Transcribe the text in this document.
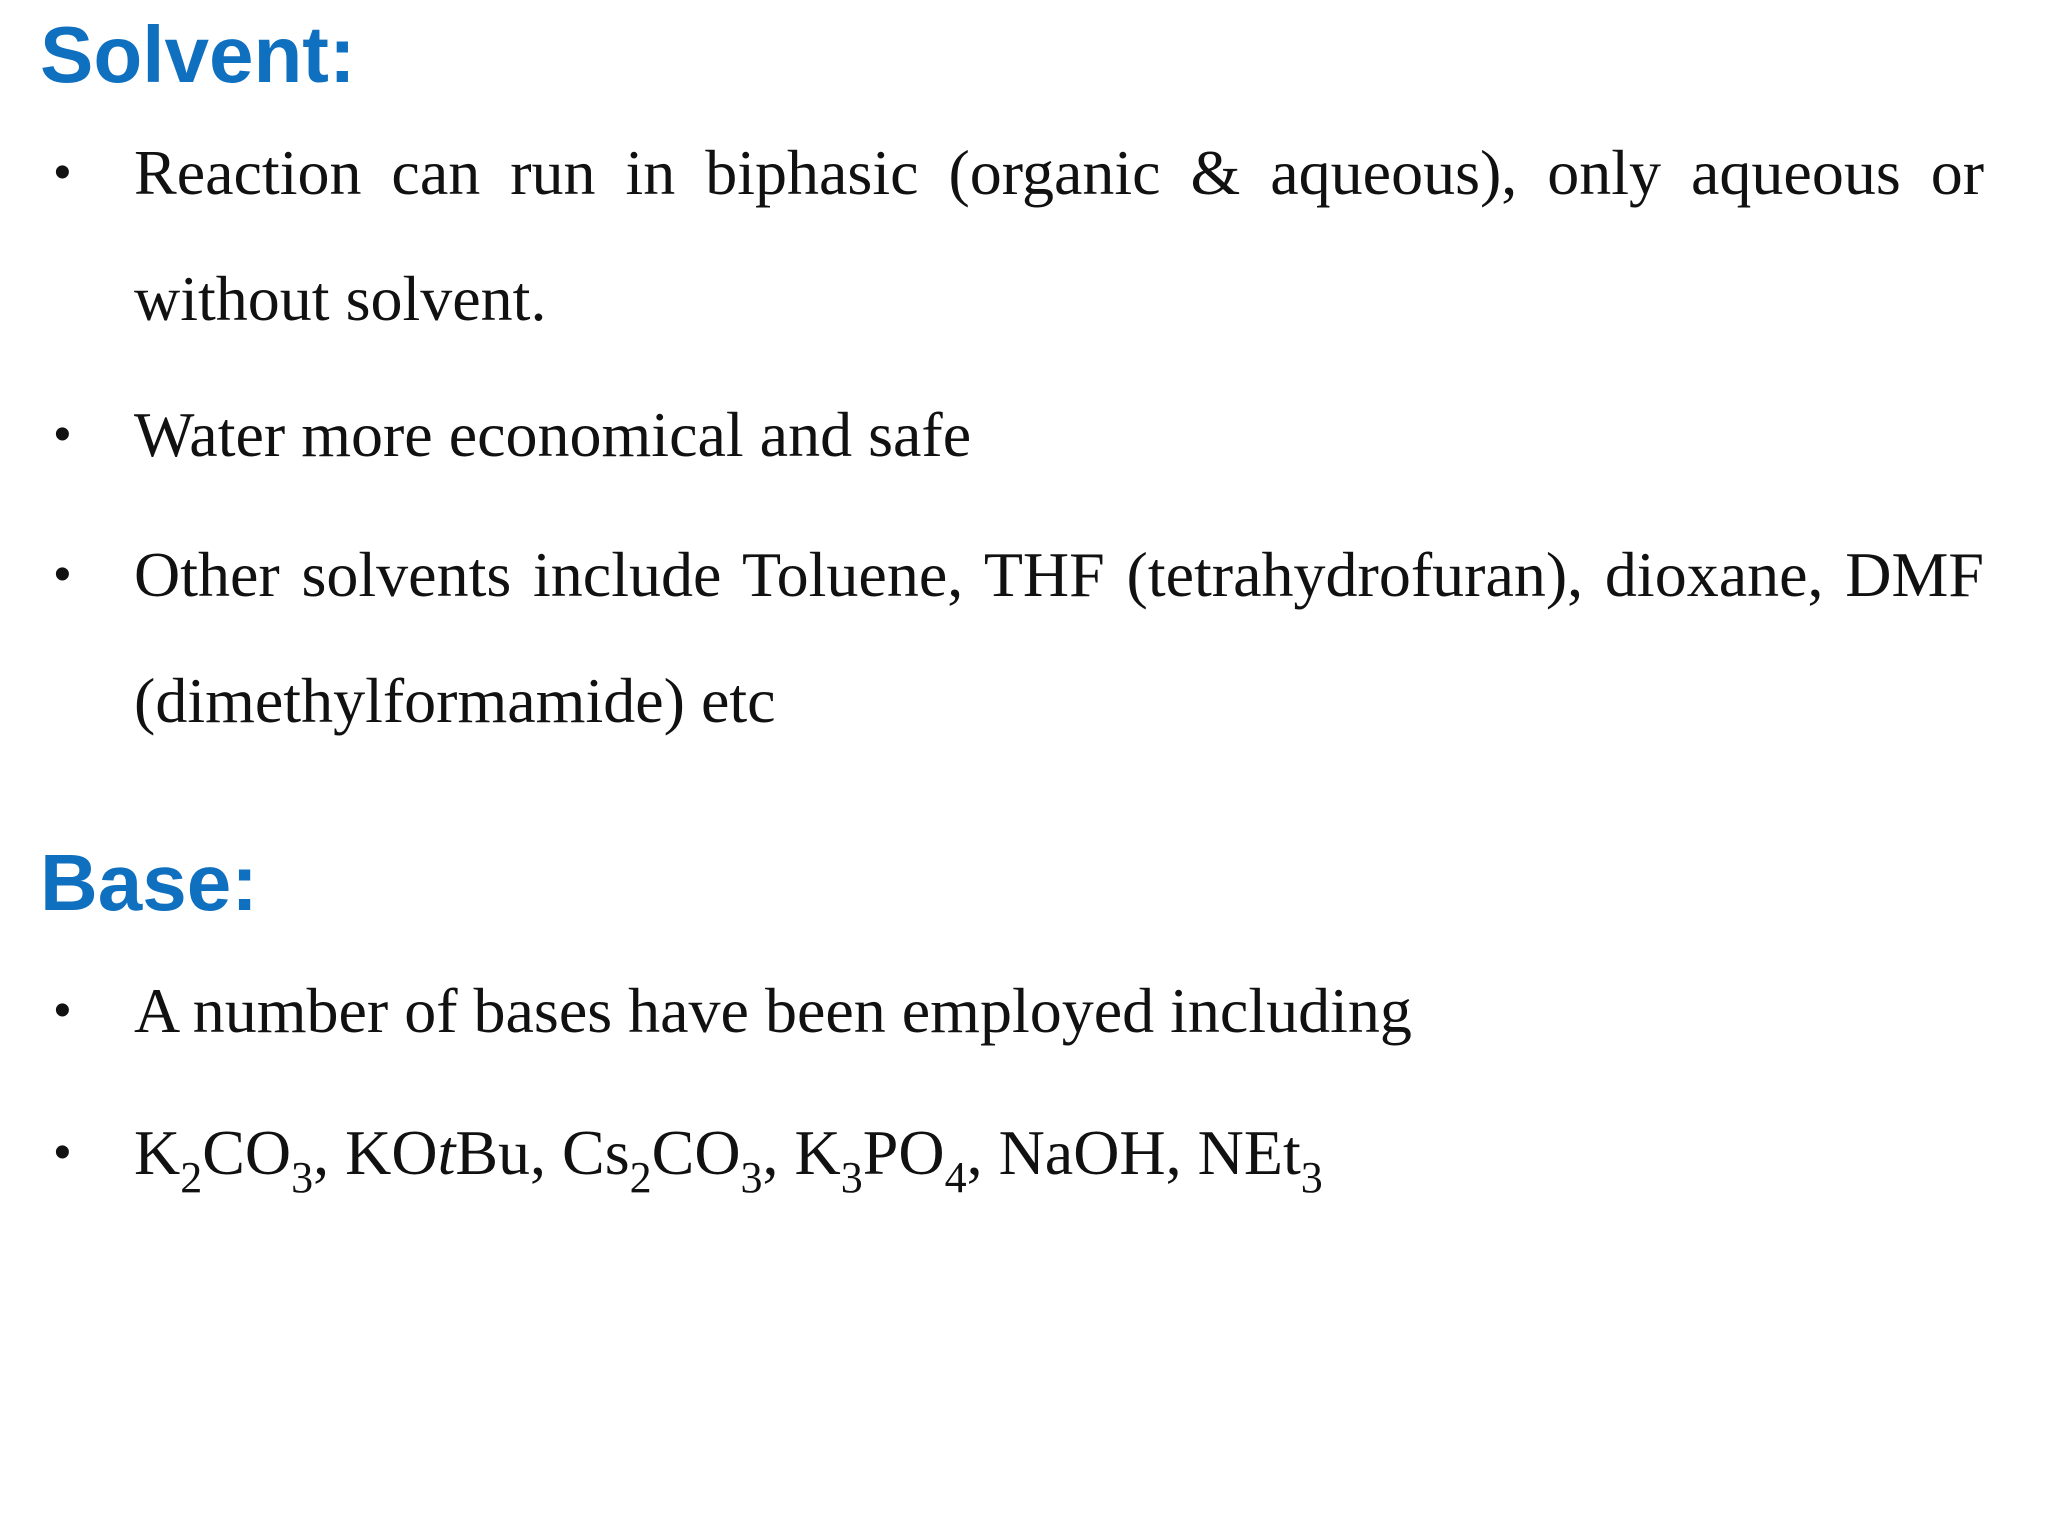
Solvent:
• Reaction can run in biphasic (organic & aqueous), only aqueous or without solvent.
• Water more economical and safe
• Other solvents include Toluene, THF (tetrahydrofuran), dioxane, DMF (dimethylformamide) etc
Base:
• A number of bases have been employed including
• $K_2CO_3$, KOtBu, $Cs_2CO_3$, $K_3PO_4$, NaOH, NEt$_3$
